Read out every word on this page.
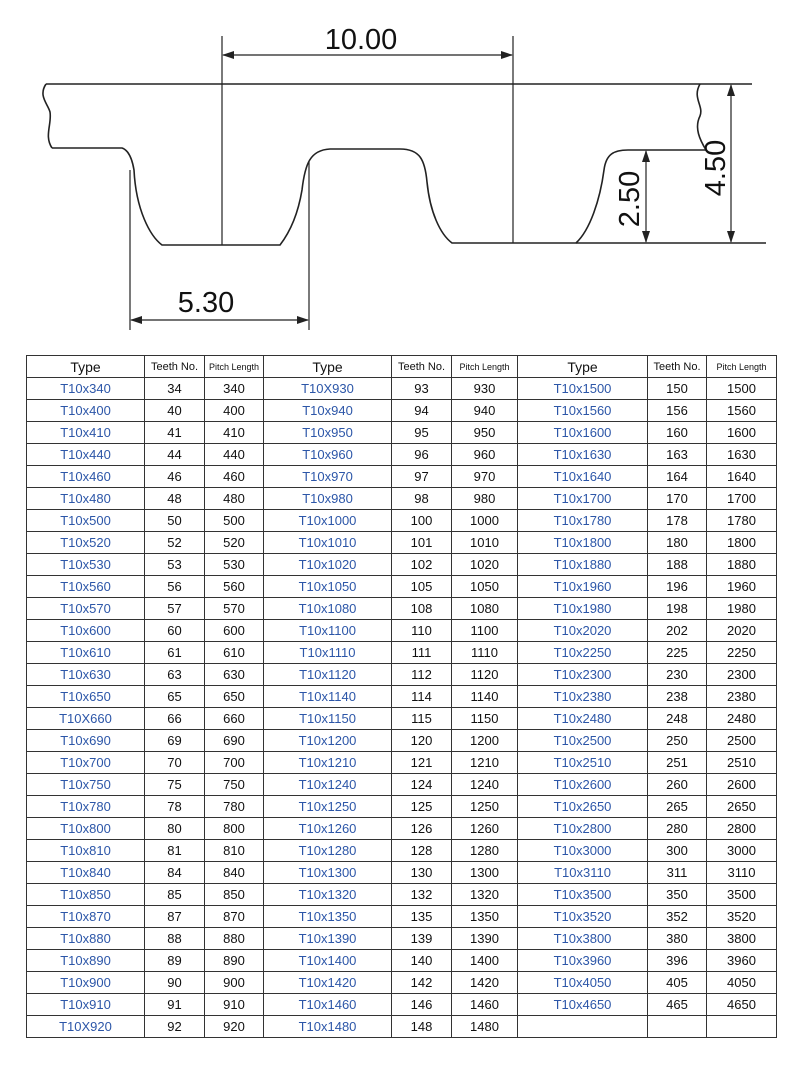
10.00
5.30
2.50
4.50
Type	Teeth No.	Pitch Length	Type	Teeth No.	Pitch Length	Type	Teeth No.	Pitch Length
T10x340	34	340	T10X930	93	930	T10x1500	150	1500
T10x400	40	400	T10x940	94	940	T10x1560	156	1560
T10x410	41	410	T10x950	95	950	T10x1600	160	1600
T10x440	44	440	T10x960	96	960	T10x1630	163	1630
T10x460	46	460	T10x970	97	970	T10x1640	164	1640
T10x480	48	480	T10x980	98	980	T10x1700	170	1700
T10x500	50	500	T10x1000	100	1000	T10x1780	178	1780
T10x520	52	520	T10x1010	101	1010	T10x1800	180	1800
T10x530	53	530	T10x1020	102	1020	T10x1880	188	1880
T10x560	56	560	T10x1050	105	1050	T10x1960	196	1960
T10x570	57	570	T10x1080	108	1080	T10x1980	198	1980
T10x600	60	600	T10x1100	110	1100	T10x2020	202	2020
T10x610	61	610	T10x1110	111	1110	T10x2250	225	2250
T10x630	63	630	T10x1120	112	1120	T10x2300	230	2300
T10x650	65	650	T10x1140	114	1140	T10x2380	238	2380
T10X660	66	660	T10x1150	115	1150	T10x2480	248	2480
T10x690	69	690	T10x1200	120	1200	T10x2500	250	2500
T10x700	70	700	T10x1210	121	1210	T10x2510	251	2510
T10x750	75	750	T10x1240	124	1240	T10x2600	260	2600
T10x780	78	780	T10x1250	125	1250	T10x2650	265	2650
T10x800	80	800	T10x1260	126	1260	T10x2800	280	2800
T10x810	81	810	T10x1280	128	1280	T10x3000	300	3000
T10x840	84	840	T10x1300	130	1300	T10x3110	311	3110
T10x850	85	850	T10x1320	132	1320	T10x3500	350	3500
T10x870	87	870	T10x1350	135	1350	T10x3520	352	3520
T10x880	88	880	T10x1390	139	1390	T10x3800	380	3800
T10x890	89	890	T10x1400	140	1400	T10x3960	396	3960
T10x900	90	900	T10x1420	142	1420	T10x4050	405	4050
T10x910	91	910	T10x1460	146	1460	T10x4650	465	4650
T10X920	92	920	T10x1480	148	1480			
